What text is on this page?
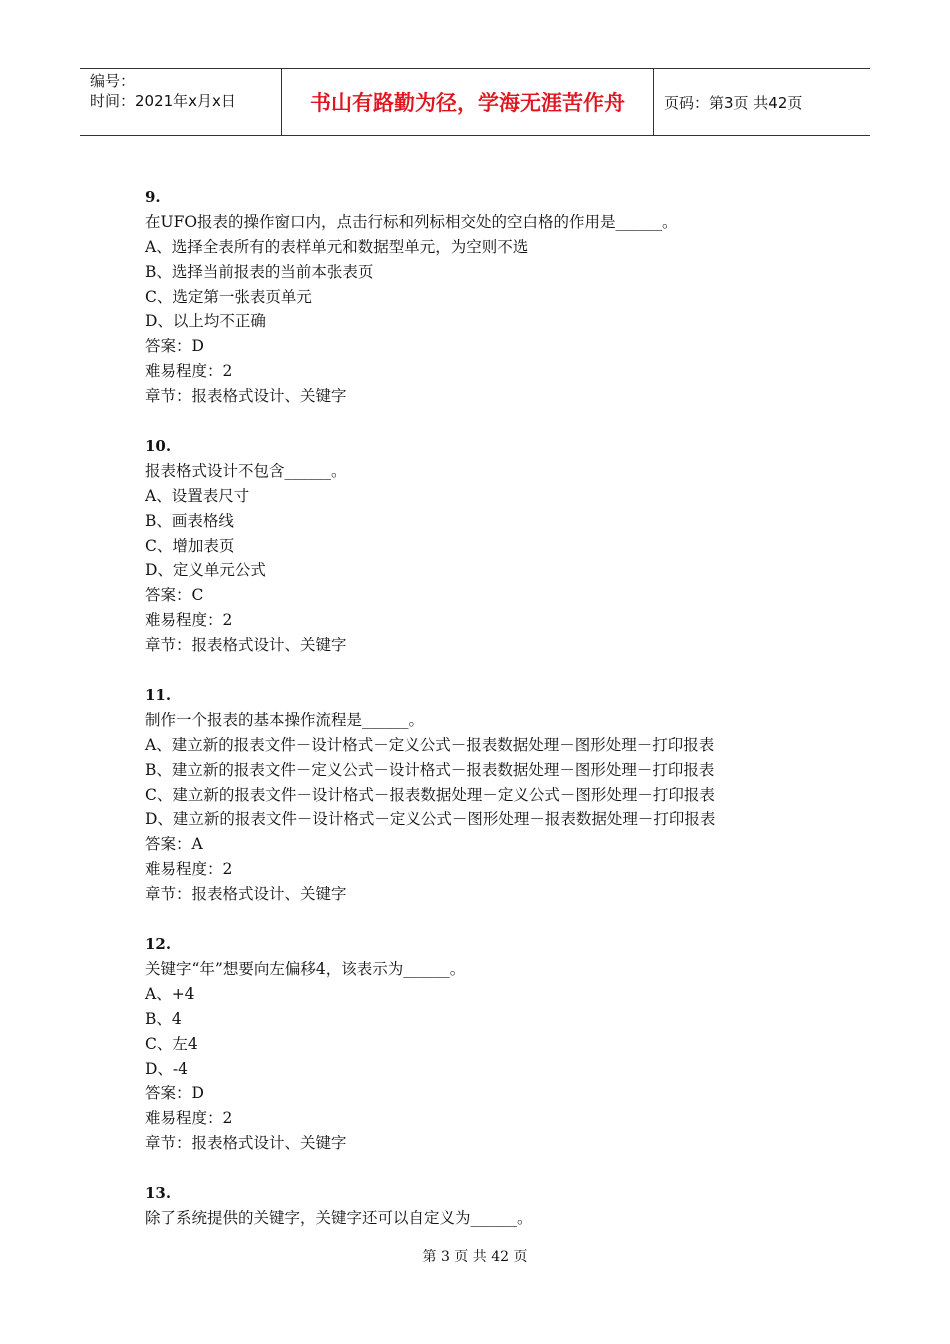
编号：
时间：2021年x月x日	书山有路勤为径，学海无涯苦作舟	页码：第3页 共42页
9.
在UFO报表的操作窗口内，点击行标和列标相交处的空白格的作用是______。
A、选择全表所有的表样单元和数据型单元，为空则不选
B、选择当前报表的当前本张表页
C、选定第一张表页单元
D、以上均不正确
答案：D
难易程度：2
章节：报表格式设计、关键字
10.
报表格式设计不包含______。
A、设置表尺寸
B、画表格线
C、增加表页
D、定义单元公式
答案：C
难易程度：2
章节：报表格式设计、关键字
11.
制作一个报表的基本操作流程是______。
A、建立新的报表文件－设计格式－定义公式－报表数据处理－图形处理－打印报表
B、建立新的报表文件－定义公式－设计格式－报表数据处理－图形处理－打印报表
C、建立新的报表文件－设计格式－报表数据处理－定义公式－图形处理－打印报表
D、建立新的报表文件－设计格式－定义公式－图形处理－报表数据处理－打印报表
答案：A
难易程度：2
章节：报表格式设计、关键字
12.
关键字“年”想要向左偏移4，该表示为______。
A、+4
B、4
C、左4
D、-4
答案：D
难易程度：2
章节：报表格式设计、关键字
13.
除了系统提供的关键字，关键字还可以自定义为______。
第 3 页 共 42 页
